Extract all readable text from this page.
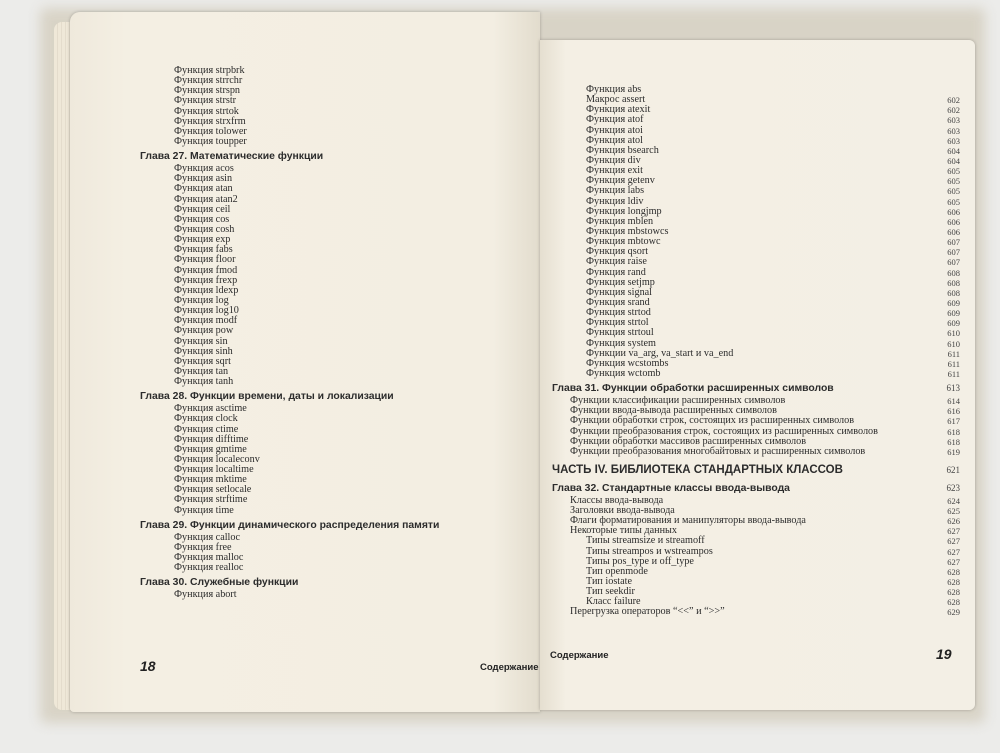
Функция strpbrk
Функция strrchr
Функция strspn
Функция strstr
Функция strtok
Функция strxfrm
Функция tolower
Функция toupper
Глава 27. Математические функции
Функция acos
Функция asin
Функция atan
Функция atan2
Функция ceil
Функция cos
Функция cosh
Функция exp
Функция fabs
Функция floor
Функция fmod
Функция frexp
Функция ldexp
Функция log
Функция log10
Функция modf
Функция pow
Функция sin
Функция sinh
Функция sqrt
Функция tan
Функция tanh
Глава 28. Функции времени, даты и локализации
Функция asctime
Функция clock
Функция ctime
Функция difftime
Функция gmtime
Функция localeconv
Функция localtime
Функция mktime
Функция setlocale
Функция strftime
Функция time
Глава 29. Функции динамического распределения памяти
Функция calloc
Функция free
Функция malloc
Функция realloc
Глава 30. Служебные функции
Функция abort
18	Содержание
Функция abs
Макрос assert	602
Функция atexit	602
Функция atof	603
Функция atoi	603
Функция atol	603
Функция bsearch	604
Функция div	604
Функция exit	605
Функция getenv	605
Функция labs	605
Функция ldiv	605
Функция longjmp	606
Функция mblen	606
Функция mbstowcs	606
Функция mbtowc	607
Функция qsort	607
Функция raise	607
Функция rand	608
Функция setjmp	608
Функция signal	608
Функция srand	609
Функция strtod	609
Функция strtol	609
Функция strtoul	610
Функция system	610
Функции va_arg, va_start и va_end	611
Функция wcstombs	611
Функция wctomb	611
Глава 31. Функции обработки расширенных символов	613
Функции классификации расширенных символов	614
Функции ввода-вывода расширенных символов	616
Функции обработки строк, состоящих из расширенных символов	617
Функции преобразования строк, состоящих из расширенных символов	618
Функции обработки массивов расширенных символов	618
Функции преобразования многобайтовых и расширенных символов	619
ЧАСТЬ IV. БИБЛИОТЕКА СТАНДАРТНЫХ КЛАССОВ	621
Глава 32. Стандартные классы ввода-вывода	623
Классы ввода-вывода	624
Заголовки ввода-вывода	625
Флаги форматирования и манипуляторы ввода-вывода	626
Некоторые типы данных	627
Типы streamsize и streamoff	627
Типы streampos и wstreampos	627
Типы pos_type и off_type	627
Тип openmode	628
Тип iostate	628
Тип seekdir	628
Класс failure	628
Перегрузка операторов “<<” и “>>”	629
Содержание	19
